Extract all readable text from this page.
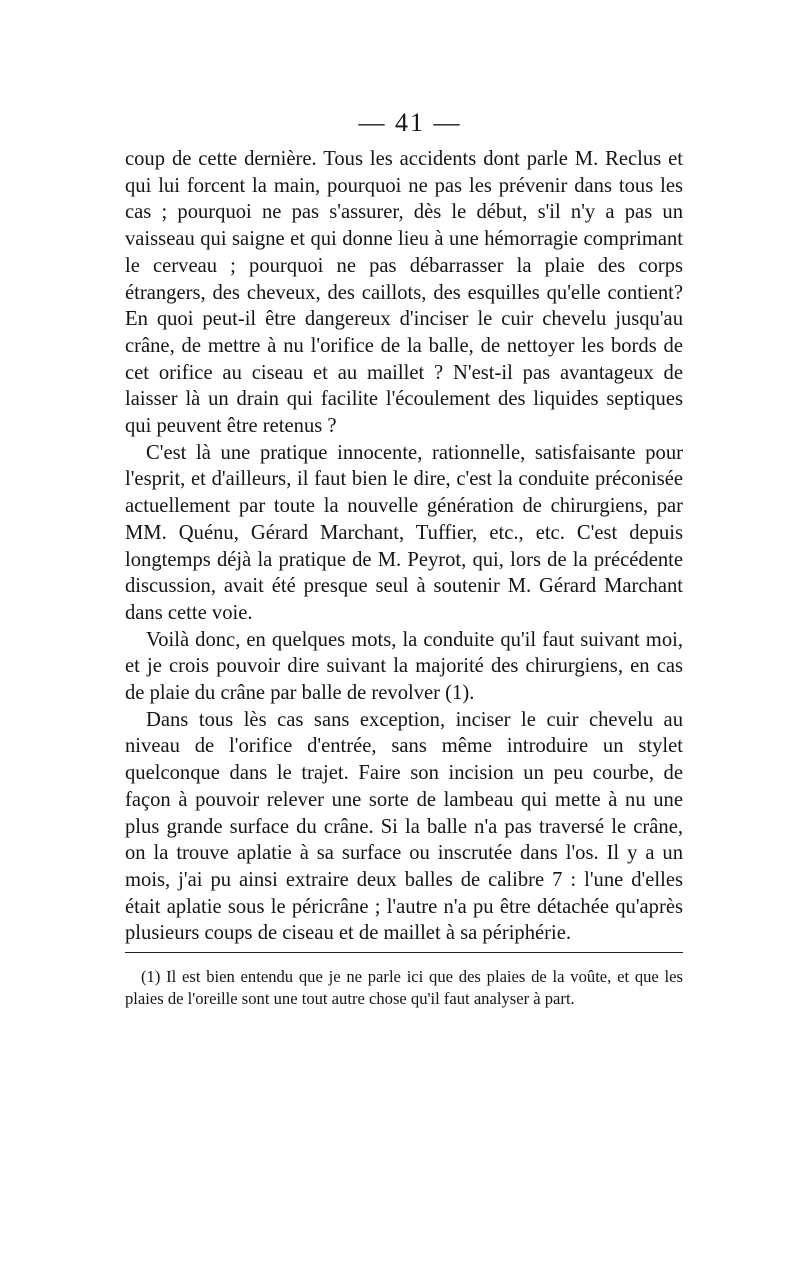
— 41 —

coup de cette dernière. Tous les accidents dont parle M. Reclus et qui lui forcent la main, pourquoi ne pas les prévenir dans tous les cas ; pourquoi ne pas s'assurer, dès le début, s'il n'y a pas un vaisseau qui saigne et qui donne lieu à une hémorragie comprimant le cerveau ; pourquoi ne pas débarrasser la plaie des corps étrangers, des cheveux, des caillots, des esquilles qu'elle contient? En quoi peut-il être dangereux d'inciser le cuir chevelu jusqu'au crâne, de mettre à nu l'orifice de la balle, de nettoyer les bords de cet orifice au ciseau et au maillet ? N'est-il pas avantageux de laisser là un drain qui facilite l'écoulement des liquides septiques qui peuvent être retenus ?

C'est là une pratique innocente, rationnelle, satisfaisante pour l'esprit, et d'ailleurs, il faut bien le dire, c'est la conduite préconisée actuellement par toute la nouvelle génération de chirurgiens, par MM. Quénu, Gérard Marchant, Tuffier, etc., etc. C'est depuis longtemps déjà la pratique de M. Peyrot, qui, lors de la précédente discussion, avait été presque seul à soutenir M. Gérard Marchant dans cette voie.

Voilà donc, en quelques mots, la conduite qu'il faut suivant moi, et je crois pouvoir dire suivant la majorité des chirurgiens, en cas de plaie du crâne par balle de revolver (1).

Dans tous lès cas sans exception, inciser le cuir chevelu au niveau de l'orifice d'entrée, sans même introduire un stylet quelconque dans le trajet. Faire son incision un peu courbe, de façon à pouvoir relever une sorte de lambeau qui mette à nu une plus grande surface du crâne. Si la balle n'a pas traversé le crâne, on la trouve aplatie à sa surface ou inscrutée dans l'os. Il y a un mois, j'ai pu ainsi extraire deux balles de calibre 7 : l'une d'elles était aplatie sous le péricrâne ; l'autre n'a pu être détachée qu'après plusieurs coups de ciseau et de maillet à sa périphérie.

(1) Il est bien entendu que je ne parle ici que des plaies de la voûte, et que les plaies de l'oreille sont une tout autre chose qu'il faut analyser à part.
